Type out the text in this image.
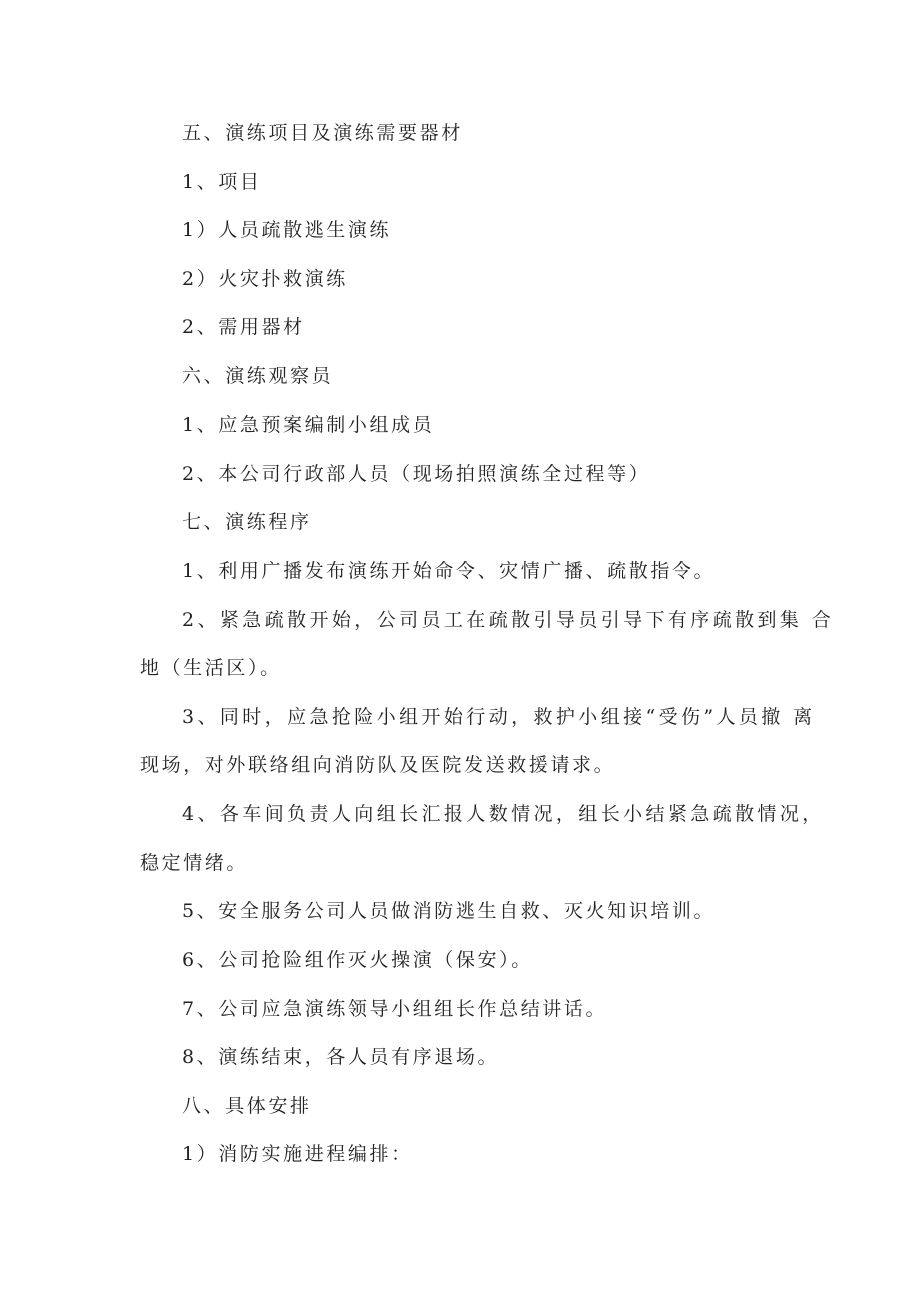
五、演练项目及演练需要器材
1、项目
1）人员疏散逃生演练
2）火灾扑救演练
2、需用器材
六、演练观察员
1、应急预案编制小组成员
2、本公司行政部人员（现场拍照演练全过程等）
七、演练程序
1、利用广播发布演练开始命令、灾情广播、疏散指令。
2、紧急疏散开始，公司员工在疏散引导员引导下有序疏散到集 合
地（生活区）。
3、同时，应急抢险小组开始行动，救护小组接“受伤”人员撤 离
现场，对外联络组向消防队及医院发送救援请求。
4、各车间负责人向组长汇报人数情况，组长小结紧急疏散情况，
稳定情绪。
5、安全服务公司人员做消防逃生自救、灭火知识培训。
6、公司抢险组作灭火操演（保安）。
7、公司应急演练领导小组组长作总结讲话。
8、演练结束，各人员有序退场。
八、具体安排
1）消防实施进程编排：
